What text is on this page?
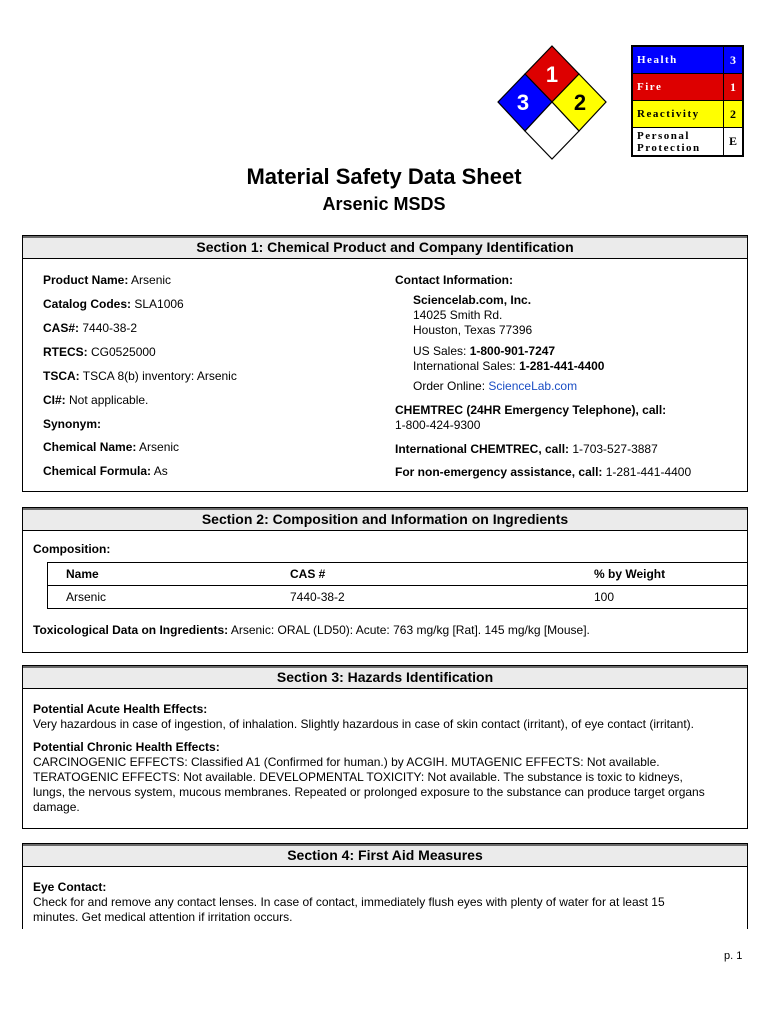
1
3 2
Health	3
Fire	1
Reactivity	2
Personal
Protection	E
Material Safety Data Sheet
Arsenic MSDS
Section 1: Chemical Product and Company Identification
Product Name: Arsenic
Catalog Codes: SLA1006
CAS#: 7440-38-2
RTECS: CG0525000
TSCA: TSCA 8(b) inventory: Arsenic
CI#: Not applicable.
Synonym:
Chemical Name: Arsenic
Chemical Formula: As
Contact Information:
Sciencelab.com, Inc.
14025 Smith Rd.
Houston, Texas 77396
US Sales: 1-800-901-7247
International Sales: 1-281-441-4400
Order Online: ScienceLab.com
CHEMTREC (24HR Emergency Telephone), call:
1-800-424-9300
International CHEMTREC, call: 1-703-527-3887
For non-emergency assistance, call: 1-281-441-4400
Section 2: Composition and Information on Ingredients
Composition:
Name	CAS #	% by Weight
Arsenic	7440-38-2	100
Toxicological Data on Ingredients: Arsenic: ORAL (LD50): Acute: 763 mg/kg [Rat]. 145 mg/kg [Mouse].
Section 3: Hazards Identification
Potential Acute Health Effects:
Very hazardous in case of ingestion, of inhalation. Slightly hazardous in case of skin contact (irritant), of eye contact (irritant).
Potential Chronic Health Effects:
CARCINOGENIC EFFECTS: Classified A1 (Confirmed for human.) by ACGIH. MUTAGENIC EFFECTS: Not available.
TERATOGENIC EFFECTS: Not available. DEVELOPMENTAL TOXICITY: Not available. The substance is toxic to kidneys,
lungs, the nervous system, mucous membranes. Repeated or prolonged exposure to the substance can produce target organs
damage.
Section 4: First Aid Measures
Eye Contact:
Check for and remove any contact lenses. In case of contact, immediately flush eyes with plenty of water for at least 15
minutes. Get medical attention if irritation occurs.
p. 1
